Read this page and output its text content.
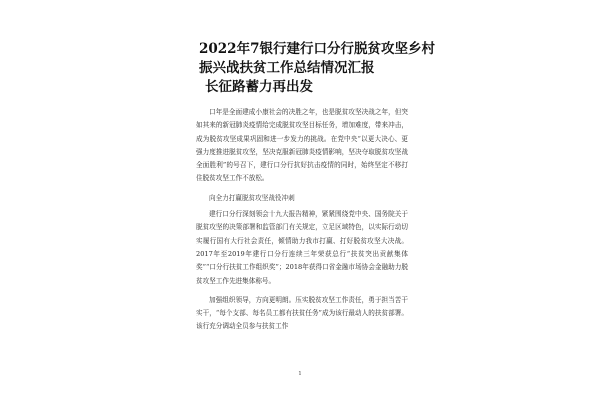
2022年7银行建行口分行脱贫攻坚乡村
振兴战扶贫工作总结情况汇报
长征路蓄力再出发

口年是全面建成小康社会的决胜之年，也是脱贫攻坚决战之年，但突如其来的新冠肺炎疫情给完成脱贫攻坚目标任务，增加难度，带来冲击，成为脱贫攻坚成果巩固和进一步发力的挑战。在党中央“以更大决心、更强力度推进脱贫攻坚，坚决克服新冠肺炎疫情影响，坚决夺取脱贫攻坚战全面胜利”的号召下，建行口分行抗好抗击疫情的同时，始终坚定不移打住脱贫攻坚工作不放松。

向全力打赢脱贫攻坚战役冲刺

建行口分行深刻领会十九大报告精神，紧紧围绕党中央、国务院关于脱贫攻坚的决策部署和监管部门有关规定，立足区域特色，以实际行动切实履行国有大行社会责任，倾情助力我市打赢、打好脱贫攻坚大决战。2017年至2019年建行口分行连续三年荣获总行“扶贫突出贡献集体奖”“口分行扶贫工作组织奖”；2018年获得口省金融市场协会金融助力脱贫攻坚工作先进集体称号。

加强组织领导，方向更明朗。压实脱贫攻坚工作责任，勇于担当苦干实干，“每个支部、每名员工都有扶贫任务”成为该行最动人的扶贫部署。该行充分调动全员参与扶贫工作

1
